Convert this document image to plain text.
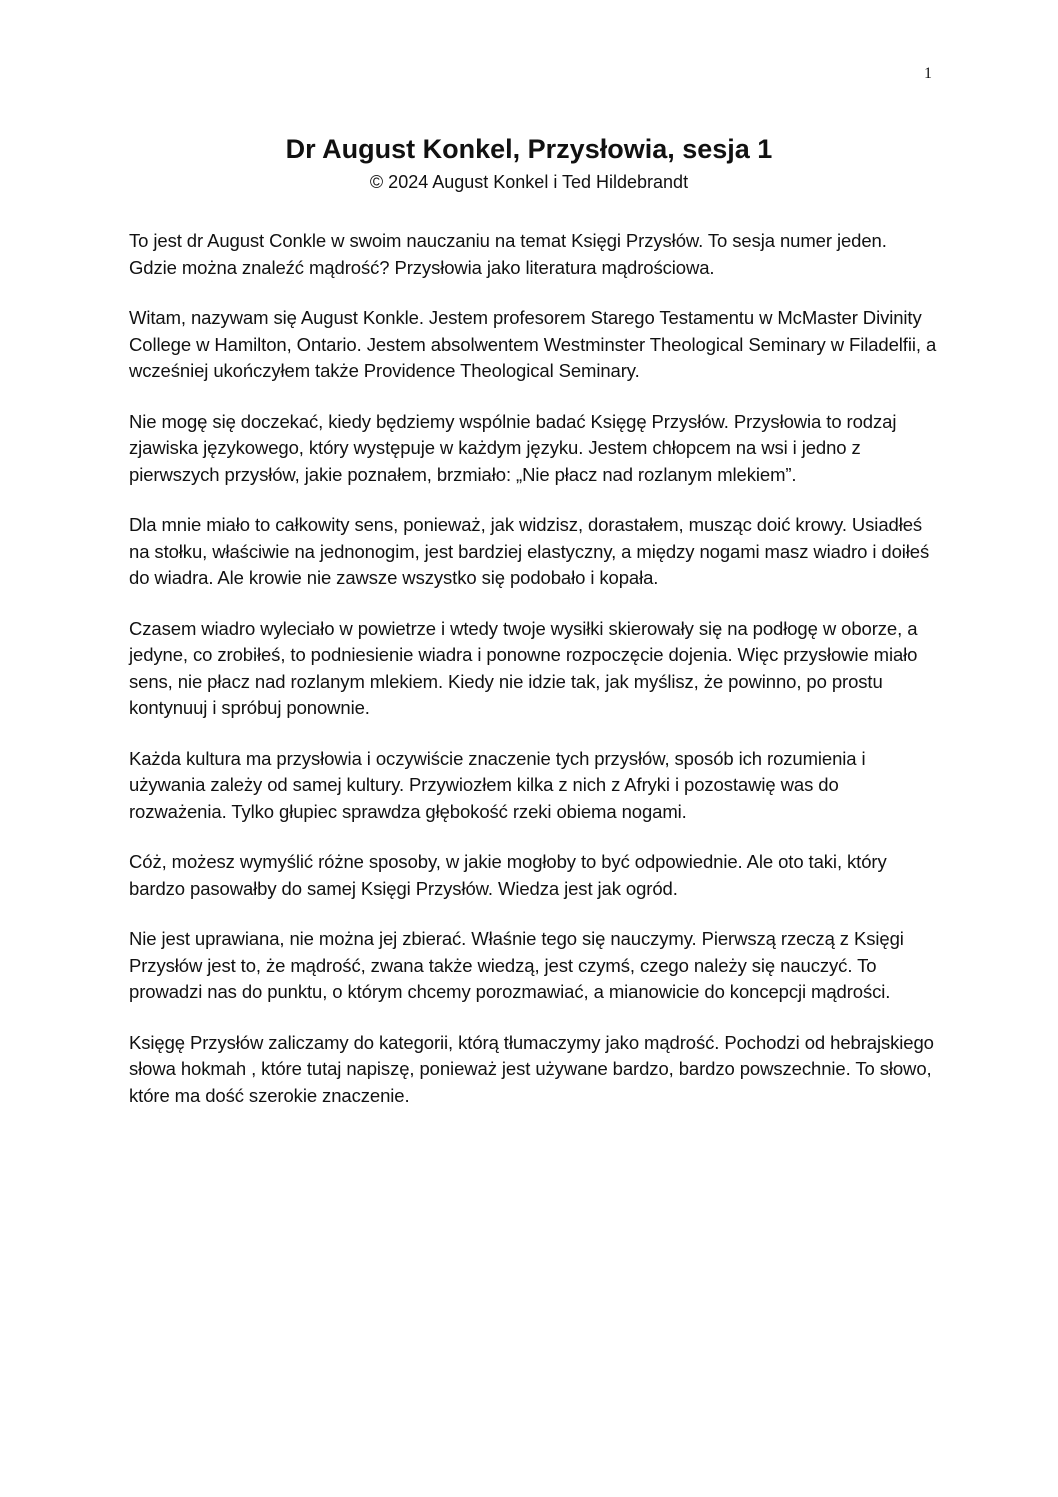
1
Dr August Konkel, Przysłowia, sesja 1
© 2024 August Konkel i Ted Hildebrandt

To jest dr August Conkle w swoim nauczaniu na temat Księgi Przysłów. To sesja numer jeden. Gdzie można znaleźć mądrość? Przysłowia jako literatura mądrościowa.

Witam, nazywam się August Konkle. Jestem profesorem Starego Testamentu w McMaster Divinity College w Hamilton, Ontario. Jestem absolwentem Westminster Theological Seminary w Filadelfii, a wcześniej ukończyłem także Providence Theological Seminary.

Nie mogę się doczekać, kiedy będziemy wspólnie badać Księgę Przysłów. Przysłowia to rodzaj zjawiska językowego, który występuje w każdym języku. Jestem chłopcem na wsi i jedno z pierwszych przysłów, jakie poznałem, brzmiało: „Nie płacz nad rozlanym mlekiem”.

Dla mnie miało to całkowity sens, ponieważ, jak widzisz, dorastałem, musząc doić krowy. Usiadłeś na stołku, właściwie na jednonogim, jest bardziej elastyczny, a między nogami masz wiadro i doiłeś do wiadra. Ale krowie nie zawsze wszystko się podobało i kopała.

Czasem wiadro wyleciało w powietrze i wtedy twoje wysiłki skierowały się na podłogę w oborze, a jedyne, co zrobiłeś, to podniesienie wiadra i ponowne rozpoczęcie dojenia. Więc przysłowie miało sens, nie płacz nad rozlanym mlekiem. Kiedy nie idzie tak, jak myślisz, że powinno, po prostu kontynuuj i spróbuj ponownie.

Każda kultura ma przysłowia i oczywiście znaczenie tych przysłów, sposób ich rozumienia i używania zależy od samej kultury. Przywiozłem kilka z nich z Afryki i pozostawię was do rozważenia. Tylko głupiec sprawdza głębokość rzeki obiema nogami.

Cóż, możesz wymyślić różne sposoby, w jakie mogłoby to być odpowiednie. Ale oto taki, który bardzo pasowałby do samej Księgi Przysłów. Wiedza jest jak ogród.

Nie jest uprawiana, nie można jej zbierać. Właśnie tego się nauczymy. Pierwszą rzeczą z Księgi Przysłów jest to, że mądrość, zwana także wiedzą, jest czymś, czego należy się nauczyć. To prowadzi nas do punktu, o którym chcemy porozmawiać, a mianowicie do koncepcji mądrości.

Księgę Przysłów zaliczamy do kategorii, którą tłumaczymy jako mądrość. Pochodzi od hebrajskiego słowa hokmah , które tutaj napiszę, ponieważ jest używane bardzo, bardzo powszechnie. To słowo, które ma dość szerokie znaczenie.
